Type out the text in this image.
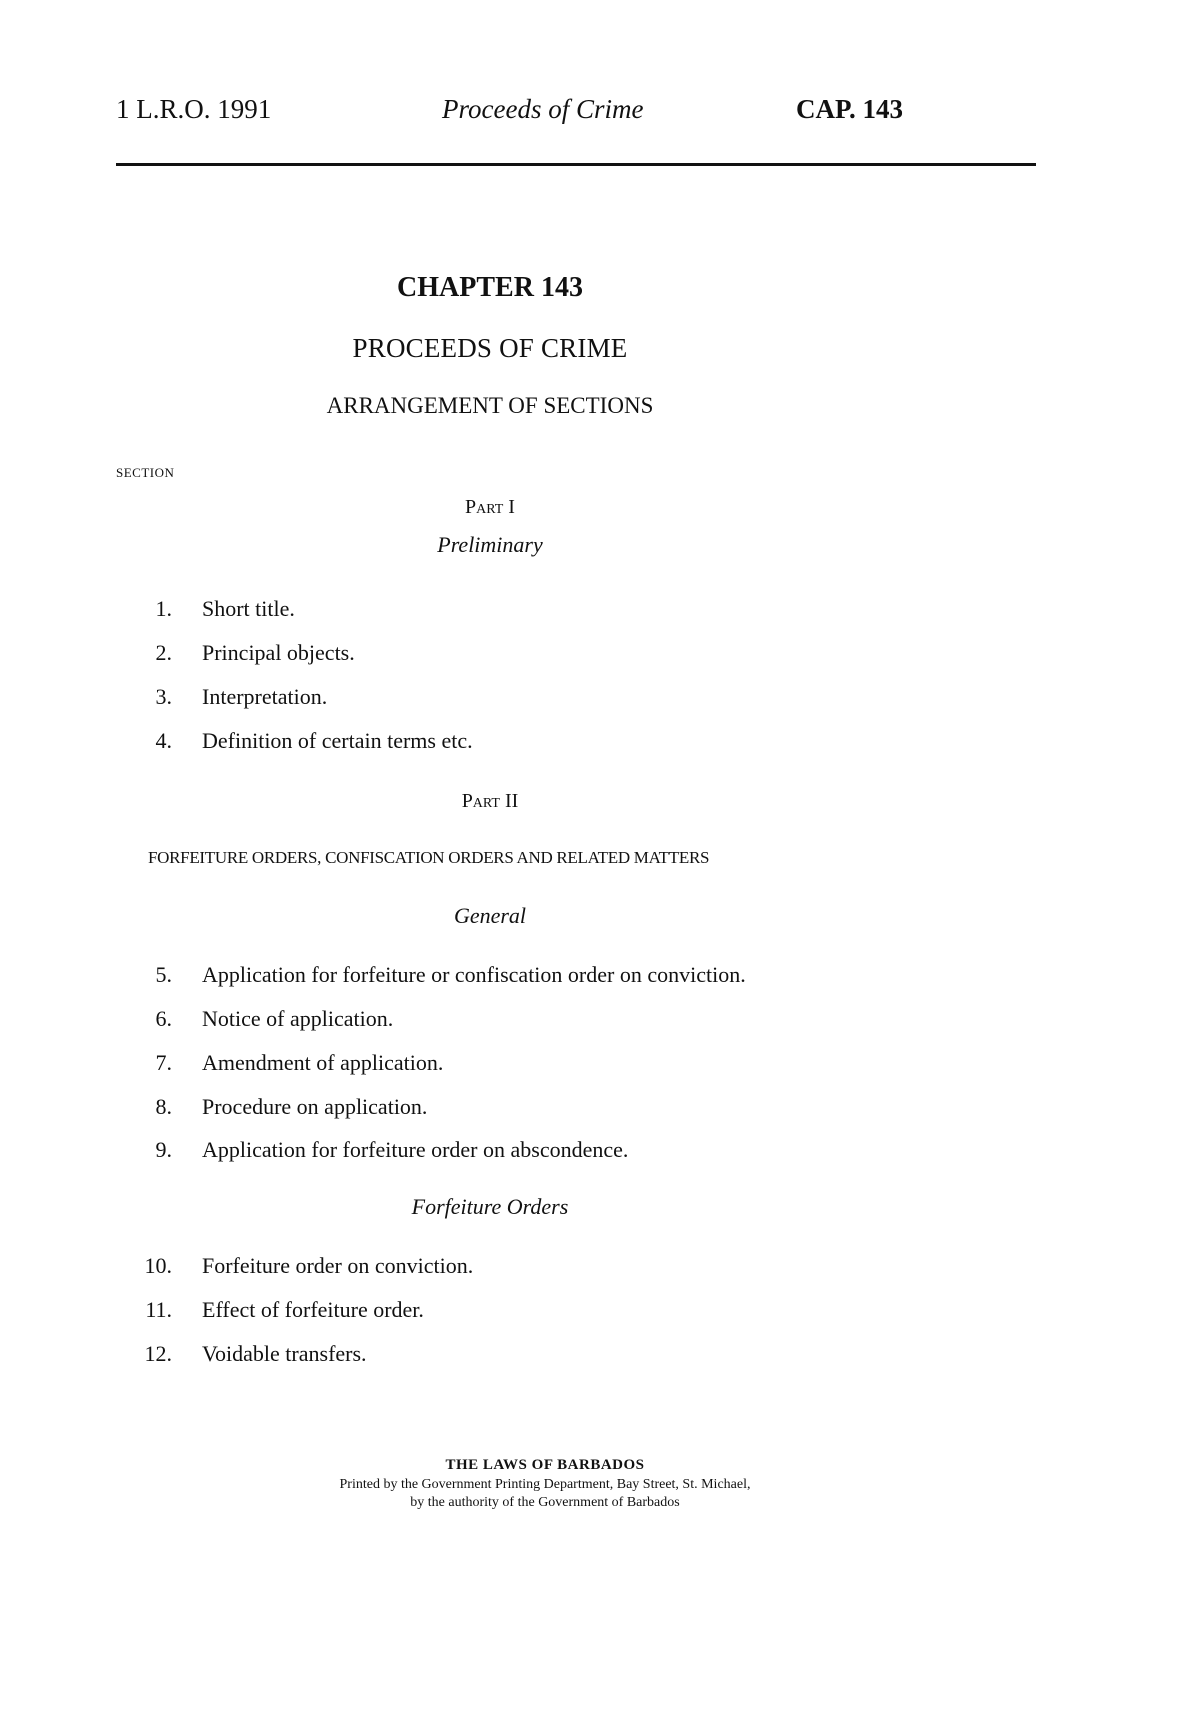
1 L.R.O. 1991	Proceeds of Crime	CAP. 143
CHAPTER 143
PROCEEDS OF CRIME
ARRANGEMENT OF SECTIONS
SECTION
Part I
Preliminary
1. Short title.
2. Principal objects.
3. Interpretation.
4. Definition of certain terms etc.
Part II
FORFEITURE ORDERS, CONFISCATION ORDERS AND RELATED MATTERS
General
5. Application for forfeiture or confiscation order on conviction.
6. Notice of application.
7. Amendment of application.
8. Procedure on application.
9. Application for forfeiture order on abscondence.
Forfeiture Orders
10. Forfeiture order on conviction.
11. Effect of forfeiture order.
12. Voidable transfers.
THE LAWS OF BARBADOS
Printed by the Government Printing Department, Bay Street, St. Michael,
by the authority of the Government of Barbados
